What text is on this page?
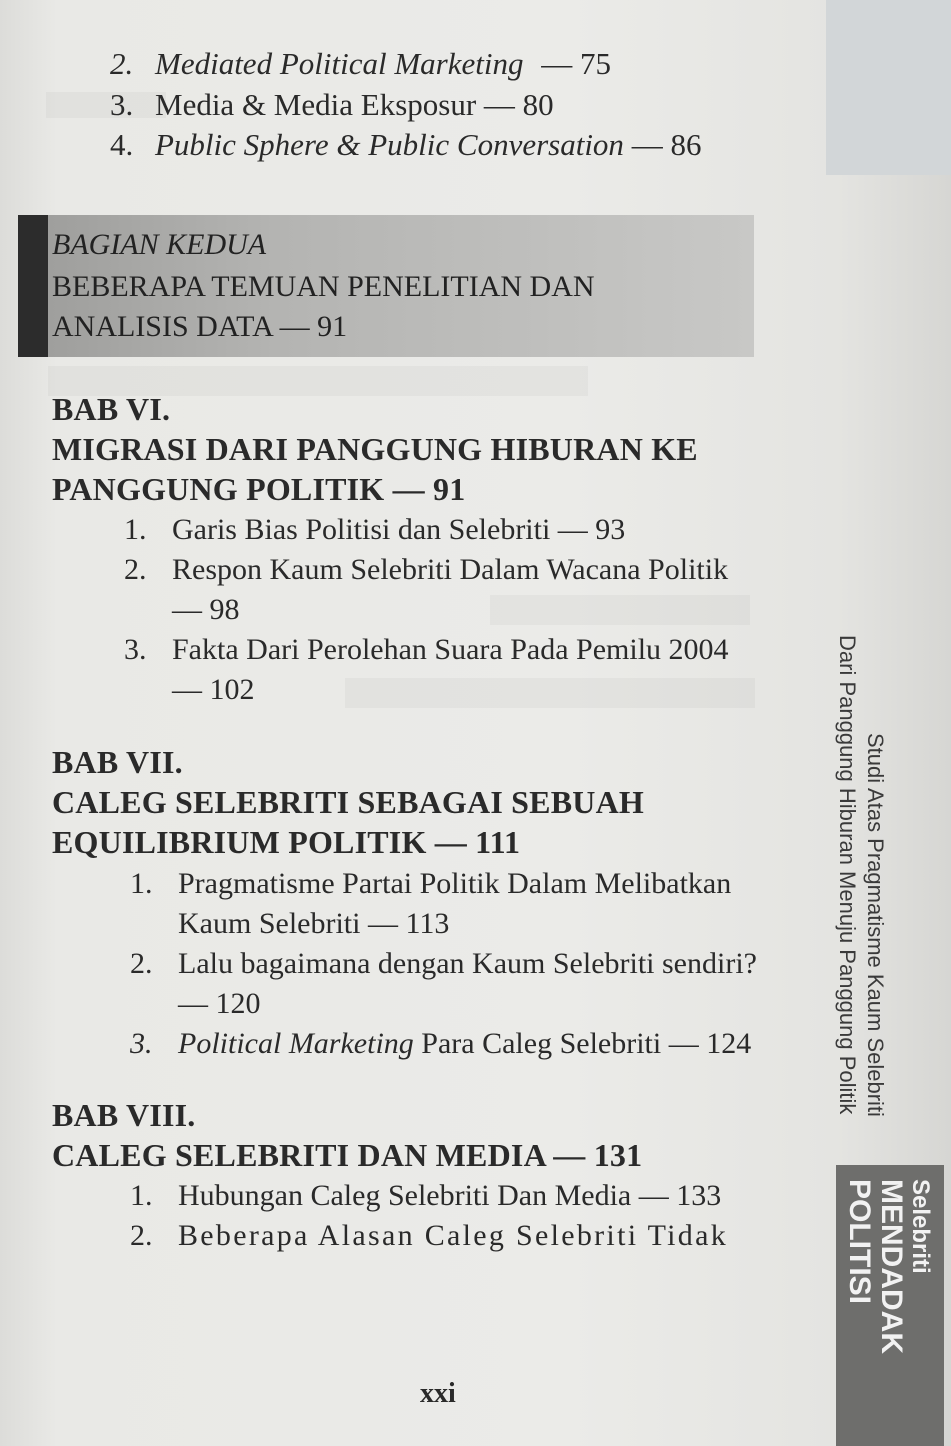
2. Mediated Political Marketing — 75
3. Media & Media Eksposur — 80
4. Public Sphere & Public Conversation — 86
BAGIAN KEDUA
BEBERAPA TEMUAN PENELITIAN DAN
ANALISIS DATA — 91
BAB VI.
MIGRASI DARI PANGGUNG HIBURAN KE
PANGGUNG POLITIK — 91
1. Garis Bias Politisi dan Selebriti — 93
2. Respon Kaum Selebriti Dalam Wacana Politik
— 98
3. Fakta Dari Perolehan Suara Pada Pemilu 2004
— 102
BAB VII.
CALEG SELEBRITI SEBAGAI SEBUAH
EQUILIBRIUM POLITIK — 111
1. Pragmatisme Partai Politik Dalam Melibatkan
Kaum Selebriti — 113
2. Lalu bagaimana dengan Kaum Selebriti sendiri?
— 120
3. Political Marketing Para Caleg Selebriti — 124
BAB VIII.
CALEG SELEBRITI DAN MEDIA — 131
1. Hubungan Caleg Selebriti Dan Media — 133
2. Beberapa Alasan Caleg Selebriti Tidak
xxi
Studi Atas Pragmatisme Kaum Selebriti
Dari Panggung Hiburan Menuju Panggung Politik
Selebriti
MENDADAK
POLITISI
